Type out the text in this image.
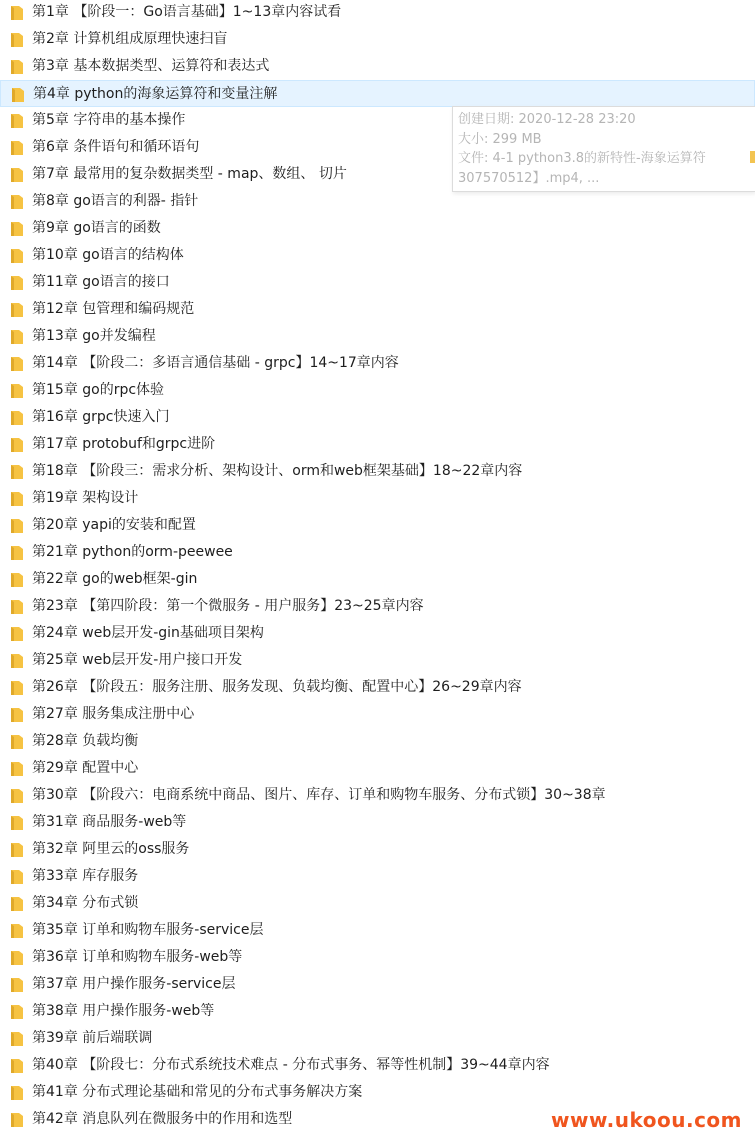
第1章 【阶段一：Go语言基础】1~13章内容试看
第2章 计算机组成原理快速扫盲
第3章 基本数据类型、运算符和表达式
第4章 python的海象运算符和变量注解
第5章 字符串的基本操作
第6章 条件语句和循环语句
第7章 最常用的复杂数据类型 - map、数组、 切片
第8章 go语言的利器- 指针
第9章 go语言的函数
第10章 go语言的结构体
第11章 go语言的接口
第12章 包管理和编码规范
第13章 go并发编程
第14章 【阶段二：多语言通信基础 - grpc】14~17章内容
第15章 go的rpc体验
第16章 grpc快速入门
第17章 protobuf和grpc进阶
第18章 【阶段三：需求分析、架构设计、orm和web框架基础】18~22章内容
第19章 架构设计
第20章 yapi的安装和配置
第21章 python的orm-peewee
第22章 go的web框架-gin
第23章 【第四阶段：第一个微服务 - 用户服务】23~25章内容
第24章 web层开发-gin基础项目架构
第25章 web层开发-用户接口开发
第26章 【阶段五：服务注册、服务发现、负载均衡、配置中心】26~29章内容
第27章 服务集成注册中心
第28章 负载均衡
第29章 配置中心
第30章 【阶段六：电商系统中商品、图片、库存、订单和购物车服务、分布式锁】30~38章
第31章 商品服务-web等
第32章 阿里云的oss服务
第33章 库存服务
第34章 分布式锁
第35章 订单和购物车服务-service层
第36章 订单和购物车服务-web等
第37章 用户操作服务-service层
第38章 用户操作服务-web等
第39章 前后端联调
第40章 【阶段七：分布式系统技术难点 - 分布式事务、幂等性机制】39~44章内容
第41章 分布式理论基础和常见的分布式事务解决方案
第42章 消息队列在微服务中的作用和选型
创建日期: 2020-12-28 23:20
大小: 299 MB
文件: 4-1 python3.8的新特性-海象运算符
307570512】.mp4, ...
www.ukoou.com
